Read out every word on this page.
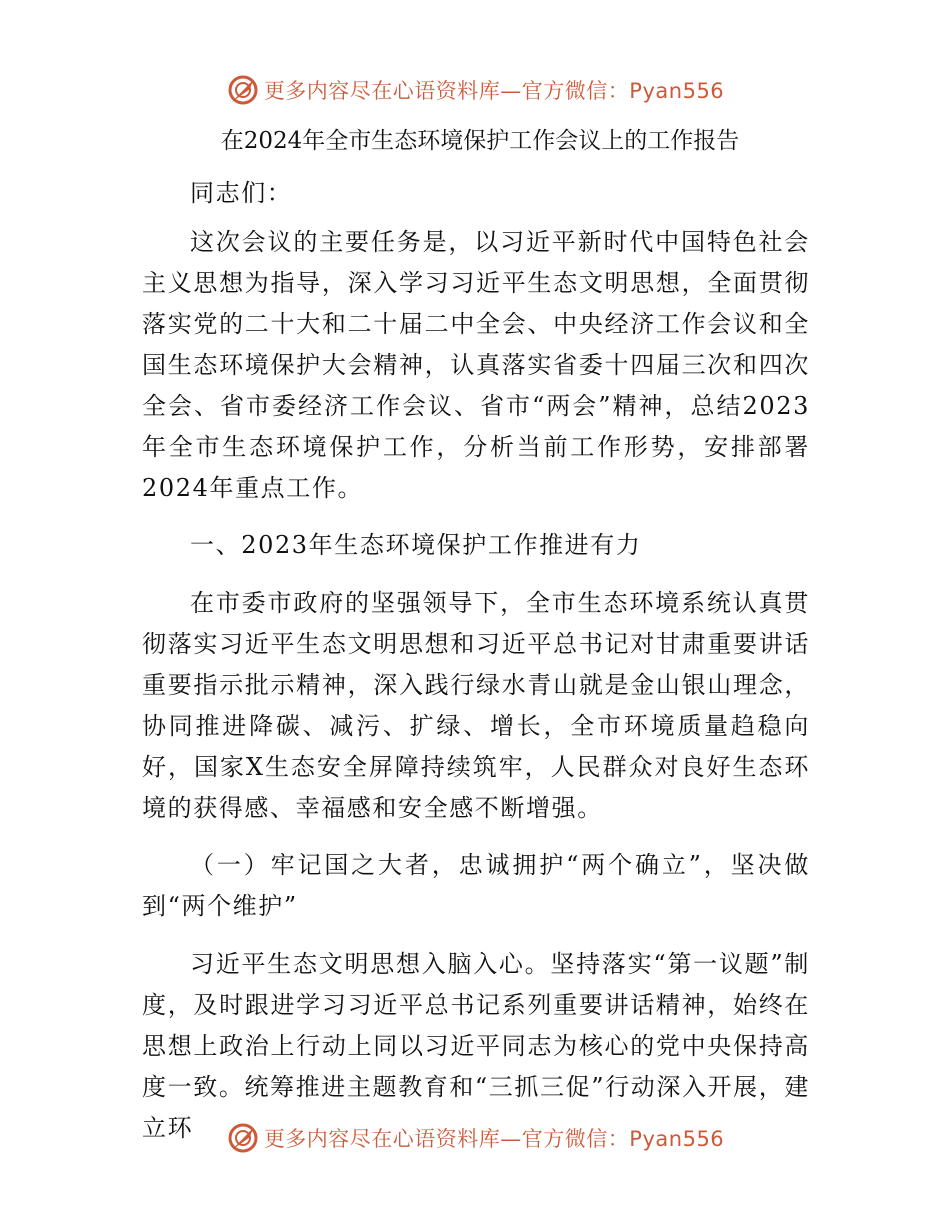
更多内容尽在心语资料库—官方微信：Pyan556
在2024年全市生态环境保护工作会议上的工作报告

同志们：

这次会议的主要任务是，以习近平新时代中国特色社会主义思想为指导，深入学习习近平生态文明思想，全面贯彻落实党的二十大和二十届二中全会、中央经济工作会议和全国生态环境保护大会精神，认真落实省委十四届三次和四次全会、省市委经济工作会议、省市“两会”精神，总结2023年全市生态环境保护工作，分析当前工作形势，安排部署2024年重点工作。

一、2023年生态环境保护工作推进有力

在市委市政府的坚强领导下，全市生态环境系统认真贯彻落实习近平生态文明思想和习近平总书记对甘肃重要讲话重要指示批示精神，深入践行绿水青山就是金山银山理念，协同推进降碳、减污、扩绿、增长，全市环境质量趋稳向好，国家X生态安全屏障持续筑牢，人民群众对良好生态环境的获得感、幸福感和安全感不断增强。

（一）牢记国之大者，忠诚拥护“两个确立”，坚决做到“两个维护”

习近平生态文明思想入脑入心。坚持落实“第一议题”制度，及时跟进学习习近平总书记系列重要讲话精神，始终在思想上政治上行动上同以习近平同志为核心的党中央保持高度一致。统筹推进主题教育和“三抓三促”行动深入开展，建立环	更多内容尽在心语资料库—官方微信：Pyan556
